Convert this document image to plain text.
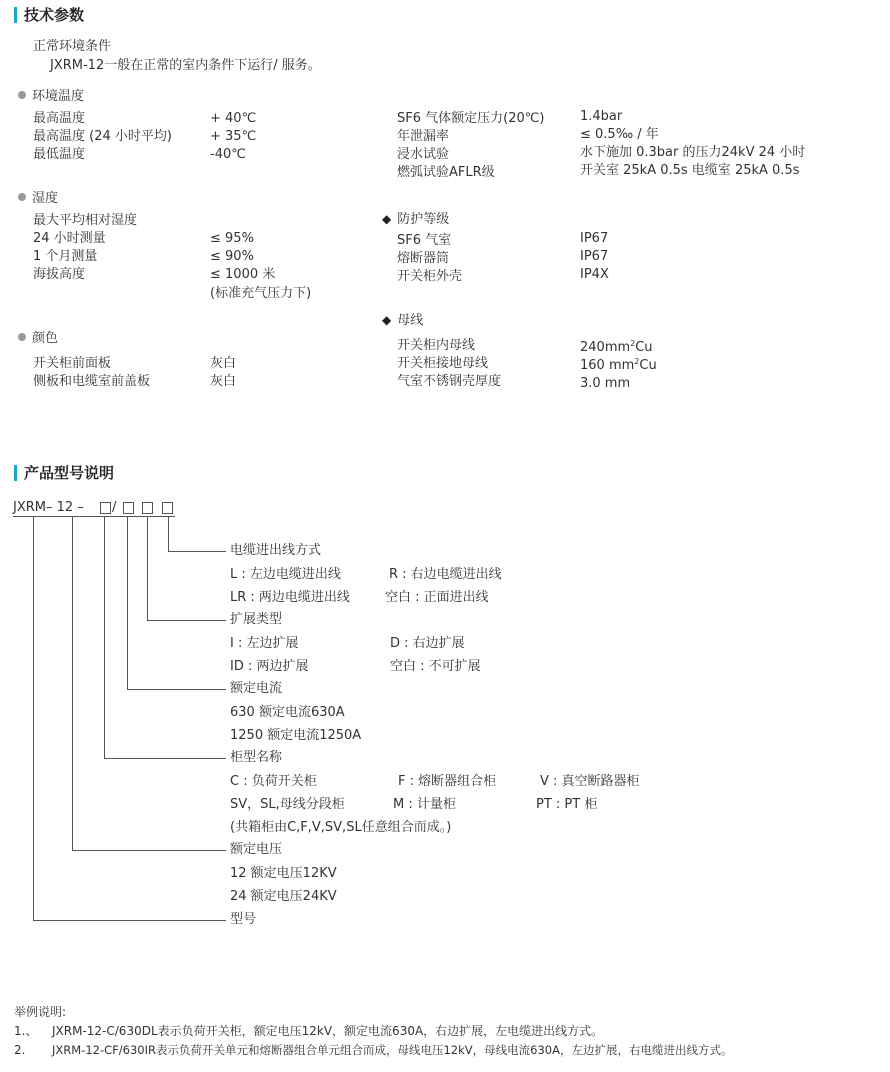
技术参数
正常环境条件
JXRM-12一般在正常的室内条件下运行/ 服务。
环境温度
最高温度	+ 40℃
最高温度 (24 小时平均)	+ 35℃
最低温度	-40℃
湿度
最大平均相对湿度
24 小时测量	≤ 95%
1 个月测量	≤ 90%
海拔高度	≤ 1000 米
(标准充气压力下)
颜色
开关柜前面板	灰白
侧板和电缆室前盖板	灰白
SF6 气体额定压力(20℃)	1.4bar
年泄漏率	≤ 0.5‰ / 年
浸水试验	水下施加 0.3bar 的压力24kV 24 小时
燃弧试验AFLR级	开关室 25kA 0.5s 电缆室 25kA 0.5s
◆ 防护等级
SF6 气室	IP67
熔断器筒	IP67
开关柜外壳	IP4X
◆ 母线
开关柜内母线	$240mm^2Cu$
开关柜接地母线	160 $mm^2Cu$
气室不锈钢壳厚度	3.0 mm
产品型号说明
JXRM– 12 – /
电缆进出线方式
L : 左边电缆进出线	R : 右边电缆进出线
LR : 两边电缆进出线	空白 : 正面进出线
扩展类型
I : 左边扩展	D : 右边扩展
ID : 两边扩展	空白 : 不可扩展
额定电流
630 额定电流630A
1250 额定电流1250A
柜型名称
C : 负荷开关柜	F : 熔断器组合柜	V : 真空断路器柜
SV，SL,母线分段柜	M : 计量柜	PT : PT 柜
(共箱柜由C,F,V,SV,SL任意组合而成。)
额定电压
12 额定电压12KV
24 额定电压24KV
型号
举例说明:
1.、 JXRM-12-C/630DL表示负荷开关柜，额定电压12kV，额定电流630A，右边扩展，左电缆进出线方式。
2. JXRM-12-CF/630IR表示负荷开关单元和熔断器组合单元组合而成，母线电压12kV，母线电流630A，左边扩展，右电缆进出线方式。
